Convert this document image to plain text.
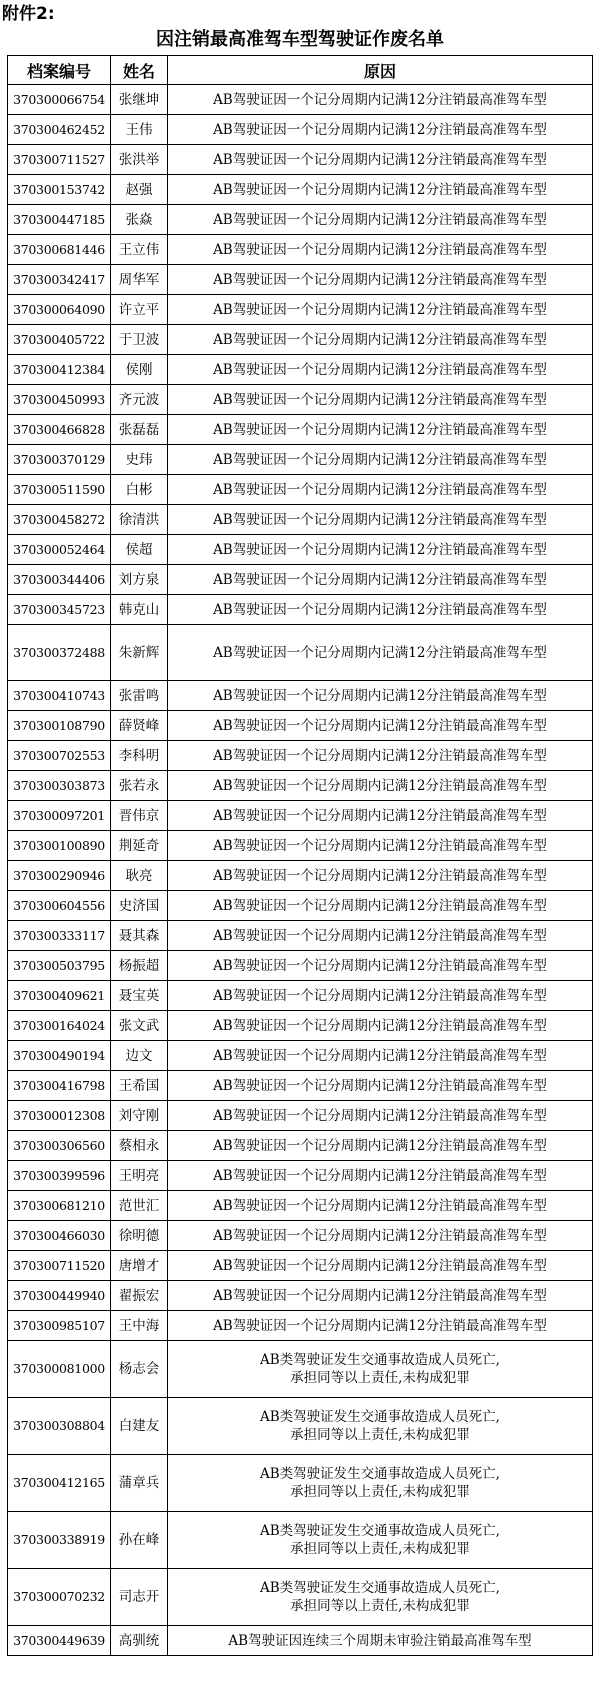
附件2:
因注销最高准驾车型驾驶证作废名单
档案编号	姓名	原因
370300066754	张继坤	AB驾驶证因一个记分周期内记满12分注销最高准驾车型
370300462452	王伟	AB驾驶证因一个记分周期内记满12分注销最高准驾车型
370300711527	张洪举	AB驾驶证因一个记分周期内记满12分注销最高准驾车型
370300153742	赵强	AB驾驶证因一个记分周期内记满12分注销最高准驾车型
370300447185	张焱	AB驾驶证因一个记分周期内记满12分注销最高准驾车型
370300681446	王立伟	AB驾驶证因一个记分周期内记满12分注销最高准驾车型
370300342417	周华军	AB驾驶证因一个记分周期内记满12分注销最高准驾车型
370300064090	许立平	AB驾驶证因一个记分周期内记满12分注销最高准驾车型
370300405722	于卫波	AB驾驶证因一个记分周期内记满12分注销最高准驾车型
370300412384	侯刚	AB驾驶证因一个记分周期内记满12分注销最高准驾车型
370300450993	齐元波	AB驾驶证因一个记分周期内记满12分注销最高准驾车型
370300466828	张磊磊	AB驾驶证因一个记分周期内记满12分注销最高准驾车型
370300370129	史玮	AB驾驶证因一个记分周期内记满12分注销最高准驾车型
370300511590	白彬	AB驾驶证因一个记分周期内记满12分注销最高准驾车型
370300458272	徐清洪	AB驾驶证因一个记分周期内记满12分注销最高准驾车型
370300052464	侯超	AB驾驶证因一个记分周期内记满12分注销最高准驾车型
370300344406	刘方泉	AB驾驶证因一个记分周期内记满12分注销最高准驾车型
370300345723	韩克山	AB驾驶证因一个记分周期内记满12分注销最高准驾车型
370300372488	朱新辉	AB驾驶证因一个记分周期内记满12分注销最高准驾车型
370300410743	张雷鸣	AB驾驶证因一个记分周期内记满12分注销最高准驾车型
370300108790	薛贤峰	AB驾驶证因一个记分周期内记满12分注销最高准驾车型
370300702553	李科明	AB驾驶证因一个记分周期内记满12分注销最高准驾车型
370300303873	张若永	AB驾驶证因一个记分周期内记满12分注销最高准驾车型
370300097201	晋伟京	AB驾驶证因一个记分周期内记满12分注销最高准驾车型
370300100890	荆延奇	AB驾驶证因一个记分周期内记满12分注销最高准驾车型
370300290946	耿亮	AB驾驶证因一个记分周期内记满12分注销最高准驾车型
370300604556	史济国	AB驾驶证因一个记分周期内记满12分注销最高准驾车型
370300333117	聂其森	AB驾驶证因一个记分周期内记满12分注销最高准驾车型
370300503795	杨振超	AB驾驶证因一个记分周期内记满12分注销最高准驾车型
370300409621	聂宝英	AB驾驶证因一个记分周期内记满12分注销最高准驾车型
370300164024	张文武	AB驾驶证因一个记分周期内记满12分注销最高准驾车型
370300490194	边文	AB驾驶证因一个记分周期内记满12分注销最高准驾车型
370300416798	王希国	AB驾驶证因一个记分周期内记满12分注销最高准驾车型
370300012308	刘守刚	AB驾驶证因一个记分周期内记满12分注销最高准驾车型
370300306560	蔡相永	AB驾驶证因一个记分周期内记满12分注销最高准驾车型
370300399596	王明亮	AB驾驶证因一个记分周期内记满12分注销最高准驾车型
370300681210	范世汇	AB驾驶证因一个记分周期内记满12分注销最高准驾车型
370300466030	徐明德	AB驾驶证因一个记分周期内记满12分注销最高准驾车型
370300711520	唐增才	AB驾驶证因一个记分周期内记满12分注销最高准驾车型
370300449940	翟振宏	AB驾驶证因一个记分周期内记满12分注销最高准驾车型
370300985107	王中海	AB驾驶证因一个记分周期内记满12分注销最高准驾车型
370300081000	杨志会	AB类驾驶证发生交通事故造成人员死亡,
承担同等以上责任,未构成犯罪

370300308804	白建友	AB类驾驶证发生交通事故造成人员死亡,
承担同等以上责任,未构成犯罪

370300412165	蒲章兵	AB类驾驶证发生交通事故造成人员死亡,
承担同等以上责任,未构成犯罪

370300338919	孙在峰	AB类驾驶证发生交通事故造成人员死亡,
承担同等以上责任,未构成犯罪

370300070232	司志开	AB类驾驶证发生交通事故造成人员死亡,
承担同等以上责任,未构成犯罪

370300449639	高驯统	AB驾驶证因连续三个周期未审验注销最高准驾车型
